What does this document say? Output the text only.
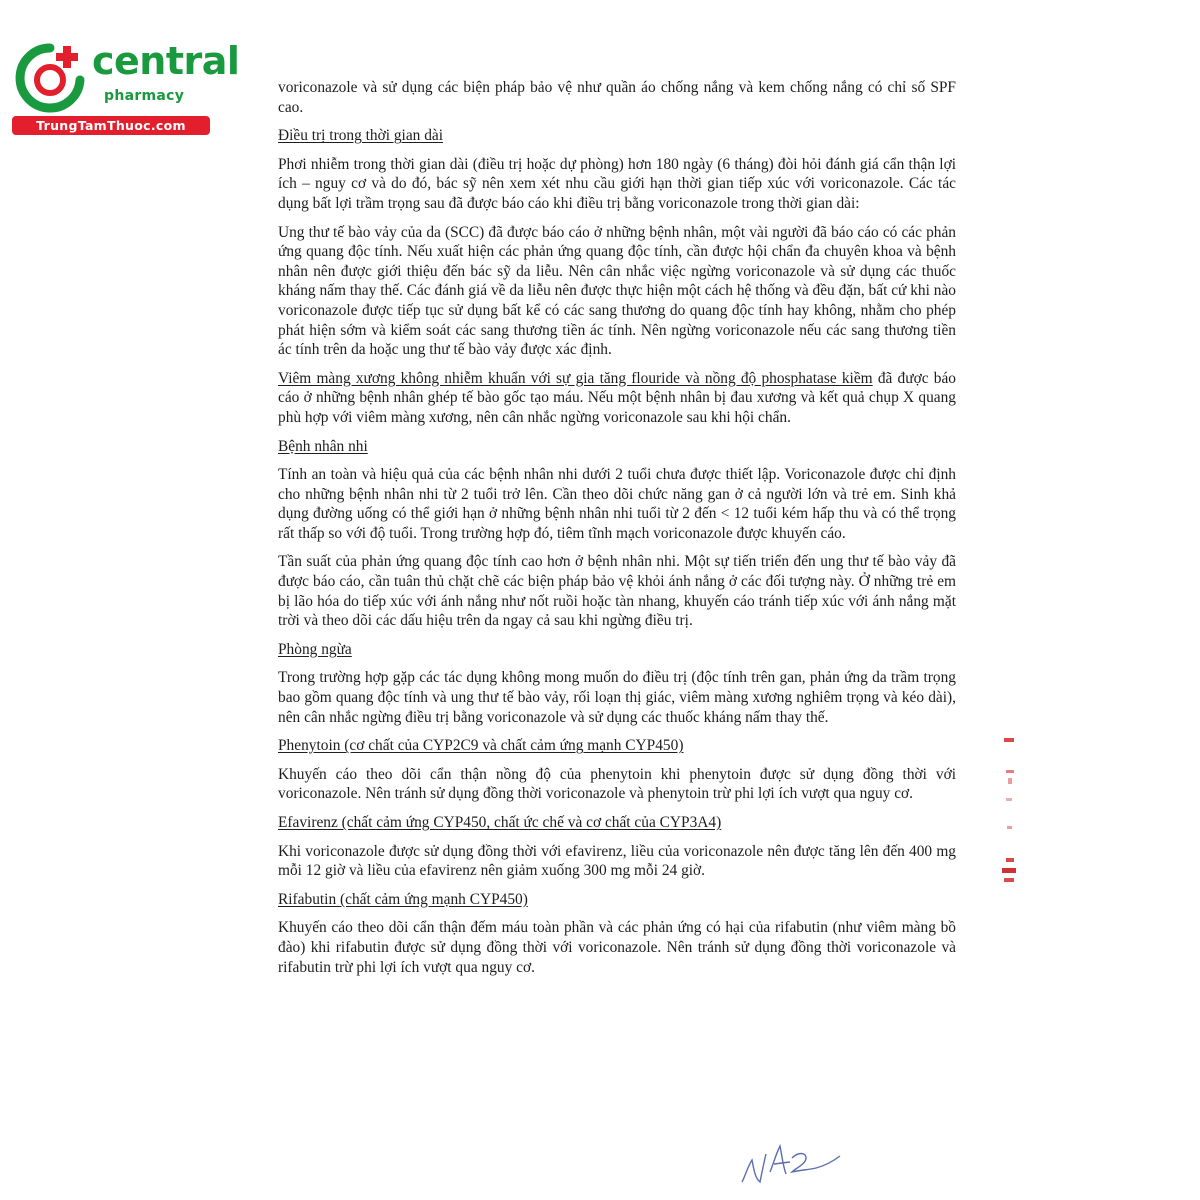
central
pharmacy
TrungTamThuoc.com

voriconazole và sử dụng các biện pháp bảo vệ như quần áo chống nắng và kem chống nắng có chỉ số SPF cao.

Điều trị trong thời gian dài

Phơi nhiễm trong thời gian dài (điều trị hoặc dự phòng) hơn 180 ngày (6 tháng) đòi hỏi đánh giá cẩn thận lợi ích – nguy cơ và do đó, bác sỹ nên xem xét nhu cầu giới hạn thời gian tiếp xúc với voriconazole. Các tác dụng bất lợi trầm trọng sau đã được báo cáo khi điều trị bằng voriconazole trong thời gian dài:

Ung thư tế bào vảy của da (SCC) đã được báo cáo ở những bệnh nhân, một vài người đã báo cáo có các phản ứng quang độc tính. Nếu xuất hiện các phản ứng quang độc tính, cần được hội chẩn đa chuyên khoa và bệnh nhân nên được giới thiệu đến bác sỹ da liễu. Nên cân nhắc việc ngừng voriconazole và sử dụng các thuốc kháng nấm thay thế. Các đánh giá về da liễu nên được thực hiện một cách hệ thống và đều đặn, bất cứ khi nào voriconazole được tiếp tục sử dụng bất kể có các sang thương do quang độc tính hay không, nhằm cho phép phát hiện sớm và kiểm soát các sang thương tiền ác tính. Nên ngừng voriconazole nếu các sang thương tiền ác tính trên da hoặc ung thư tế bào vảy được xác định.

Viêm màng xương không nhiễm khuẩn với sự gia tăng flouride và nồng độ phosphatase kiềm đã được báo cáo ở những bệnh nhân ghép tế bào gốc tạo máu. Nếu một bệnh nhân bị đau xương và kết quả chụp X quang phù hợp với viêm màng xương, nên cân nhắc ngừng voriconazole sau khi hội chẩn.

Bệnh nhân nhi

Tính an toàn và hiệu quả của các bệnh nhân nhi dưới 2 tuổi chưa được thiết lập. Voriconazole được chỉ định cho những bệnh nhân nhi từ 2 tuổi trở lên. Cần theo dõi chức năng gan ở cả người lớn và trẻ em. Sinh khả dụng đường uống có thể giới hạn ở những bệnh nhân nhi tuổi từ 2 đến < 12 tuổi kém hấp thu và có thể trọng rất thấp so với độ tuổi. Trong trường hợp đó, tiêm tĩnh mạch voriconazole được khuyến cáo.

Tần suất của phản ứng quang độc tính cao hơn ở bệnh nhân nhi. Một sự tiến triển đến ung thư tế bào vảy đã được báo cáo, cần tuân thủ chặt chẽ các biện pháp bảo vệ khỏi ánh nắng ở các đối tượng này. Ở những trẻ em bị lão hóa do tiếp xúc với ánh nắng như nốt ruồi hoặc tàn nhang, khuyến cáo tránh tiếp xúc với ánh nắng mặt trời và theo dõi các dấu hiệu trên da ngay cả sau khi ngừng điều trị.

Phòng ngừa

Trong trường hợp gặp các tác dụng không mong muốn do điều trị (độc tính trên gan, phản ứng da trầm trọng bao gồm quang độc tính và ung thư tế bào vảy, rối loạn thị giác, viêm màng xương nghiêm trọng và kéo dài), nên cân nhắc ngừng điều trị bằng voriconazole và sử dụng các thuốc kháng nấm thay thế.

Phenytoin (cơ chất của CYP2C9 và chất cảm ứng mạnh CYP450)

Khuyến cáo theo dõi cẩn thận nồng độ của phenytoin khi phenytoin được sử dụng đồng thời với voriconazole. Nên tránh sử dụng đồng thời voriconazole và phenytoin trừ phi lợi ích vượt qua nguy cơ.

Efavirenz (chất cảm ứng CYP450, chất ức chế và cơ chất của CYP3A4)

Khi voriconazole được sử dụng đồng thời với efavirenz, liều của voriconazole nên được tăng lên đến 400 mg mỗi 12 giờ và liều của efavirenz nên giảm xuống 300 mg mỗi 24 giờ.

Rifabutin (chất cảm ứng mạnh CYP450)

Khuyến cáo theo dõi cẩn thận đếm máu toàn phần và các phản ứng có hại của rifabutin (như viêm màng bồ đào) khi rifabutin được sử dụng đồng thời với voriconazole. Nên tránh sử dụng đồng thời voriconazole và rifabutin trừ phi lợi ích vượt qua nguy cơ.
